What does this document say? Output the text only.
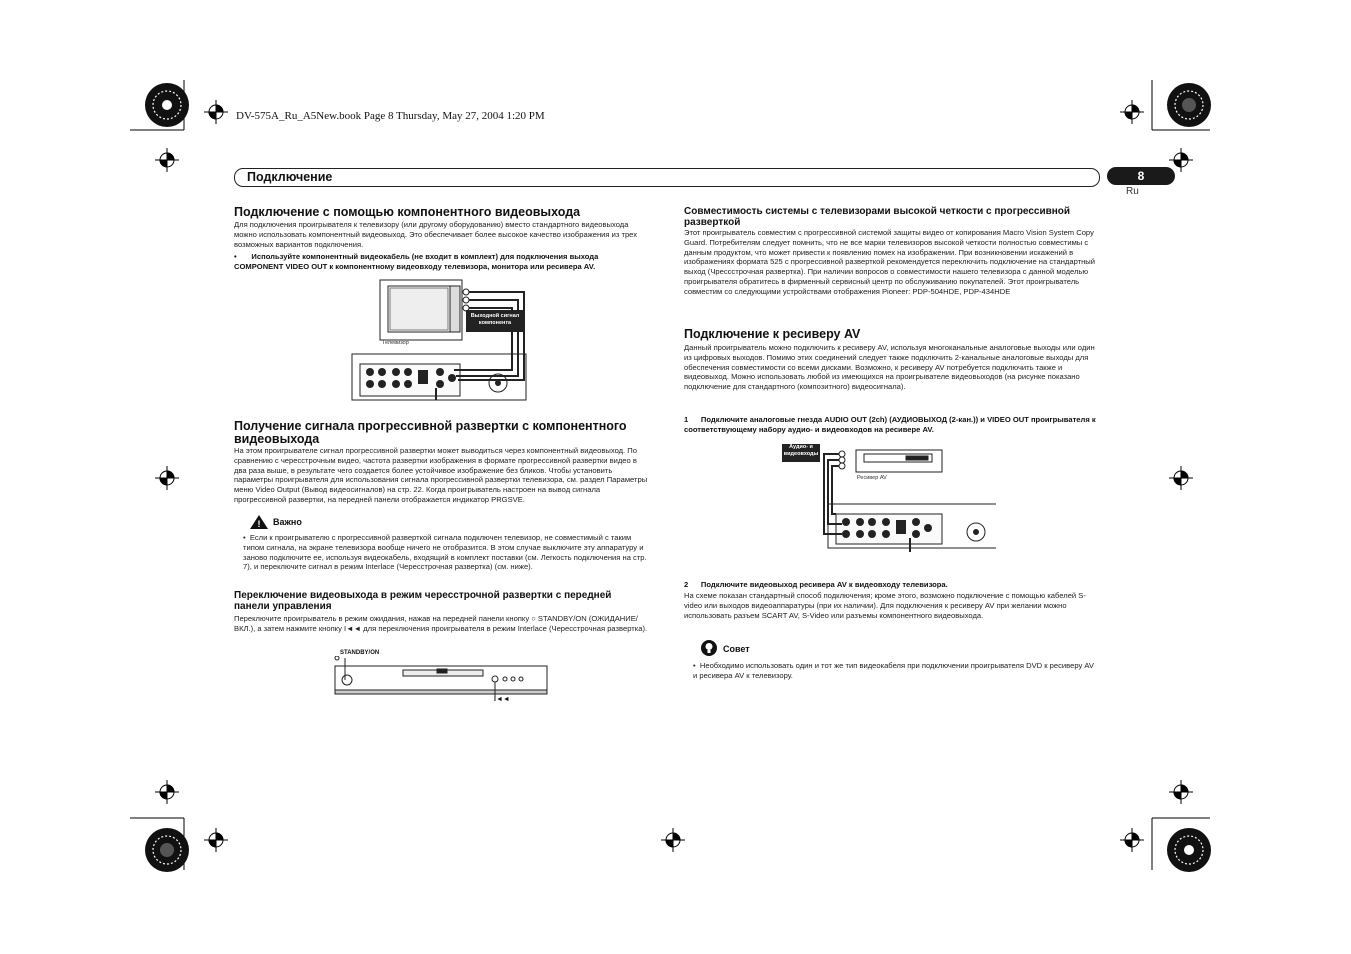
DV-575A_Ru_A5New.book Page 8 Thursday, May 27, 2004 1:20 PM
Подключение	8
Ru
Подключение с помощью компонентного видеовыхода

Для подключения проигрывателя к телевизору (или другому оборудованию) вместо стандартного видеовыхода можно использовать компонентный видеовыход. Это обеспечивает более высокое качество изображения из трех возможных вариантов подключения.

•       Используйте компонентный видеокабель (не входит в комплект) для подключения выхода COMPONENT VIDEO OUT к компонентному видеовходу телевизора, монитора или ресивера AV.

Выходной сигнал компонента
Телевизор
Получение сигнала прогрессивной развертки с компонентного видеовыхода

На этом проигрывателе сигнал прогрессивной развертки может выводиться через компонентный видеовыход. По сравнению с чересстрочным видео, частота развертки изображения в формате прогрессивной развертки видео в два раза выше, в результате чего создается более устойчивое изображение без бликов. Чтобы установить параметры проигрывателя для использования сигнала прогрессивной развертки телевизора, см. раздел Параметры меню Video Output (Вывод видеосигналов) на стр. 22. Когда проигрыватель настроен на вывод сигнала прогрессивной развертки, на передней панели отображается индикатор PRGSVE.

! Важно

•  Если к проигрывателю с прогрессивной разверткой сигнала подключен телевизор, не совместимый с таким типом сигнала, на экране телевизора вообще ничего не отобразится. В этом случае выключите эту аппаратуру и заново подключите ее, используя видеокабель, входящий в комплект поставки (см. Легкость подключения на стр. 7), и переключите сигнал в режим Interlace (Чересстрочная развертка) (см. ниже).

Переключение видеовыхода в режим чересстрочной развертки с передней панели управления

Переключите проигрыватель в режим ожидания, нажав на передней панели кнопку ○ STANDBY/ON (ОЖИДАНИЕ/ВКЛ.), а затем нажмите кнопку I◄◄ для переключения проигрывателя в режим Interlace (Чересстрочная развертка).

STANDBY/ON
I◄◄
Совместимость системы с телевизорами высокой четкости с прогрессивной разверткой

Этот проигрыватель совместим с прогрессивной системой защиты видео от копирования Macro Vision System Copy Guard. Потребителям следует помнить, что не все марки телевизоров высокой четкости полностью совместимы с данным продуктом, что может привести к появлению помех на изображении. При возникновении искажений в изображениях формата 525 с прогрессивной разверткой рекомендуется переключить подключение на стандартный выход (Чрессстрочная развертка). При наличии вопросов о совместимости нашего телевизора с данной моделью проигрывателя обратитесь в фирменный сервисный центр по обслуживанию покупателей. Этот проигрыватель совместим со следующими устройствами отображения Pioneer: PDP-504HDE, PDP-434HDE

Подключение к ресиверу AV

Данный проигрыватель можно подключить к ресиверу AV, используя многоканальные аналоговые выходы или один из цифровых выходов. Помимо этих соединений следует также подключить 2-канальные аналоговые выходы для обеспечения совместимости со всеми дисками. Возможно, к ресиверу AV потребуется подключить также и видеовыход. Можно использовать любой из имеющихся на проигрывателе видеовыходов (на рисунке показано подключение для стандартного (композитного) видеосигнала).

1      Подключите аналоговые гнезда AUDIO OUT (2ch) (АУДИОВЫХОД (2-кан.)) и VIDEO OUT проигрывателя к соответствующему набору аудио- и видеовходов на ресивере AV.

Аудио- и видеовходы
Ресивер AV

2      Подключите видеовыход ресивера AV к видеовходу телевизора.

На схеме показан стандартный способ подключения; кроме этого, возможно подключение с помощью кабелей S-video или выходов видеоаппаратуры (при их наличии). Для подключения к ресиверу AV при желании можно использовать разъем SCART AV, S-Video или разъемы компонентного видеовыхода.

Совет

•  Необходимо использовать один и тот же тип видеокабеля при подключении проигрывателя DVD к ресиверу AV и ресивера AV к телевизору.
